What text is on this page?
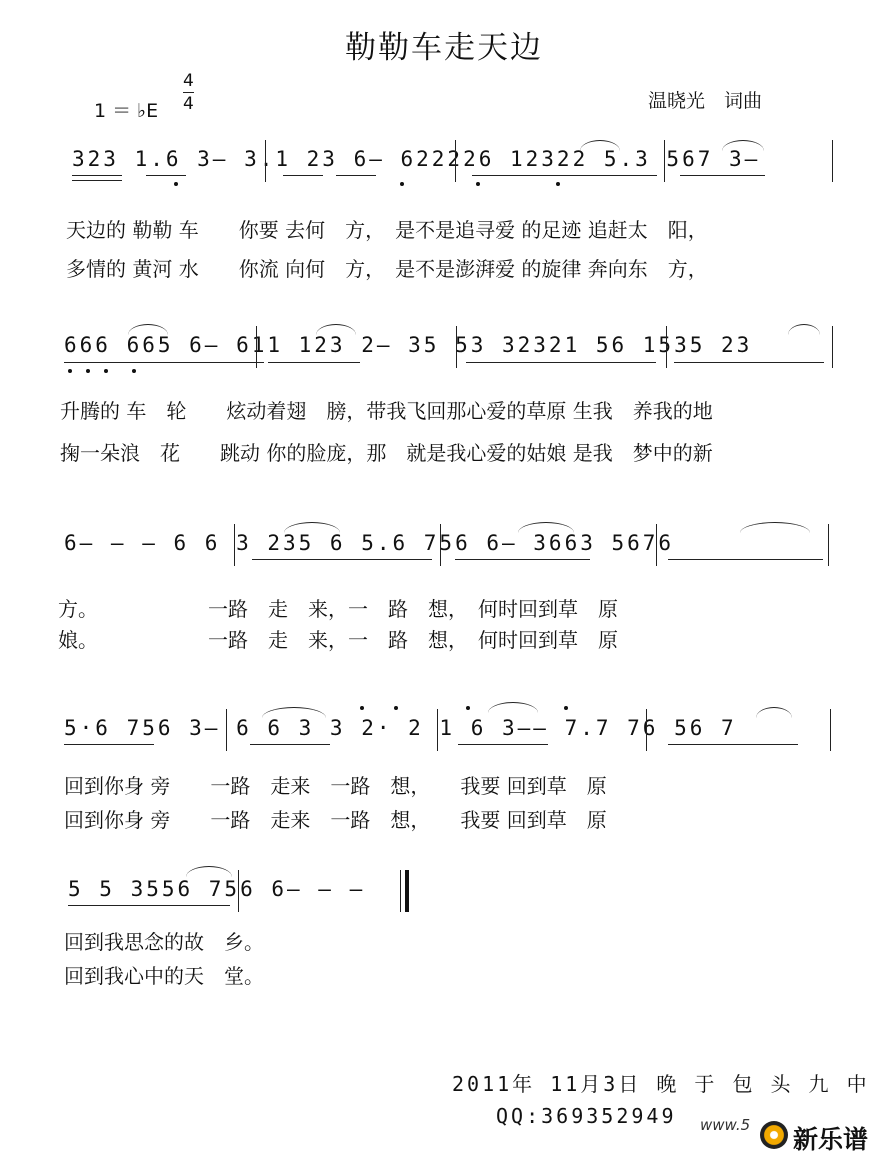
勒勒车走天边
1 ＝ ♭E $\frac{4}{4}$	温晓光　词曲
323 1.6 3— 3.1 23 6— 622226 12322 5.3 567 3—
天边的 勒勒 车　　你要 去何　方，　是不是追寻爱 的足迹 追赶太　阳，
多情的 黄河 水　　你流 向何　方，　是不是澎湃爱 的旋律 奔向东　方，
666 665 6— 611 123 2— 35 53 32321 56 1535 23
升腾的 车　轮　　炫动着翅　膀，带我飞回那心爱的草原 生我　养我的地
掬一朵浪　花　　跳动 你的脸庞，那　就是我心爱的姑娘 是我　梦中的新
6— — — 6 6 3 235 6 5.6 756 6— 3663 5676
方。　　　　　　一路　走　来，一　路　想，　何时回到草　原
娘。　　　　　　一路　走　来，一　路　想，　何时回到草　原
5·6 756 3— 6 6 3 3 2· 2 1 6 3—— 7.7 76 56 7
回到你身 旁　　一路　走来　一路　想，　　我要 回到草　原
回到你身 旁　　一路　走来　一路　想，　　我要 回到草　原
5 5 3556 756 6— — —
回到我思念的故　乡。
回到我心中的天　堂。
2011年 11月3日 晚 于 包 头 九 中
QQ:369352949 www.5 新乐谱
